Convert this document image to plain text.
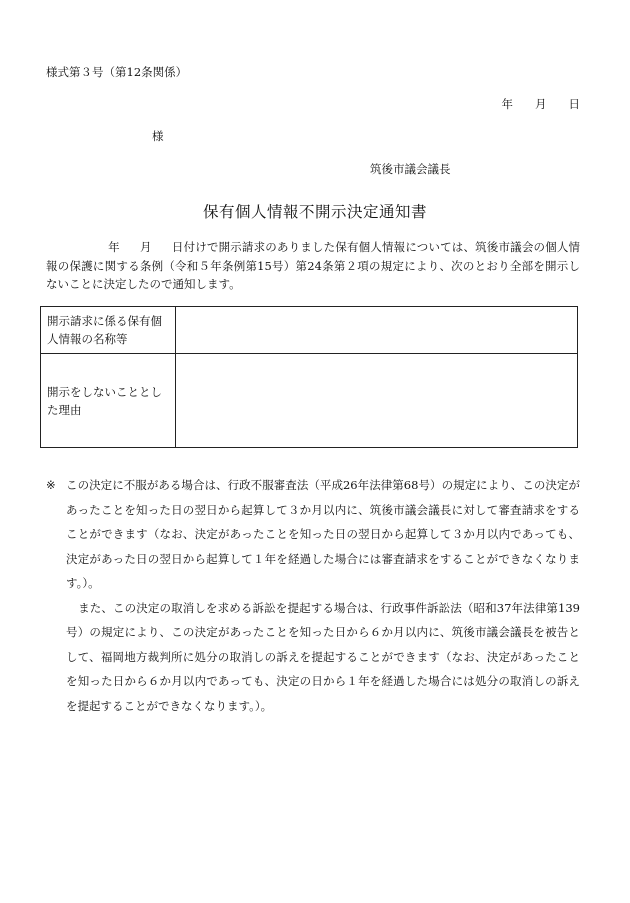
様式第３号（第12条関係）
年 月 日
様
筑後市議会議長
保有個人情報不開示決定通知書
年 月 日付けで開示請求のありました保有個人情報については、筑後市議会の個人情報の保護に関する条例（令和５年条例第15号）第24条第２項の規定により、次のとおり全部を開示しないことに決定したので通知します。
開示請求に係る保有個人情報の名称等	
開示をしないこととした理由	

※ この決定に不服がある場合は、行政不服審査法（平成26年法律第68号）の規定により、この決定があったことを知った日の翌日から起算して３か月以内に、筑後市議会議長に対して審査請求をすることができます（なお、決定があったことを知った日の翌日から起算して３か月以内であっても、決定があった日の翌日から起算して１年を経過した場合には審査請求をすることができなくなります。）。

また、この決定の取消しを求める訴訟を提起する場合は、行政事件訴訟法（昭和37年法律第139号）の規定により、この決定があったことを知った日から６か月以内に、筑後市議会議長を被告として、福岡地方裁判所に処分の取消しの訴えを提起することができます（なお、決定があったことを知った日から６か月以内であっても、決定の日から１年を経過した場合には処分の取消しの訴えを提起することができなくなります。）。
